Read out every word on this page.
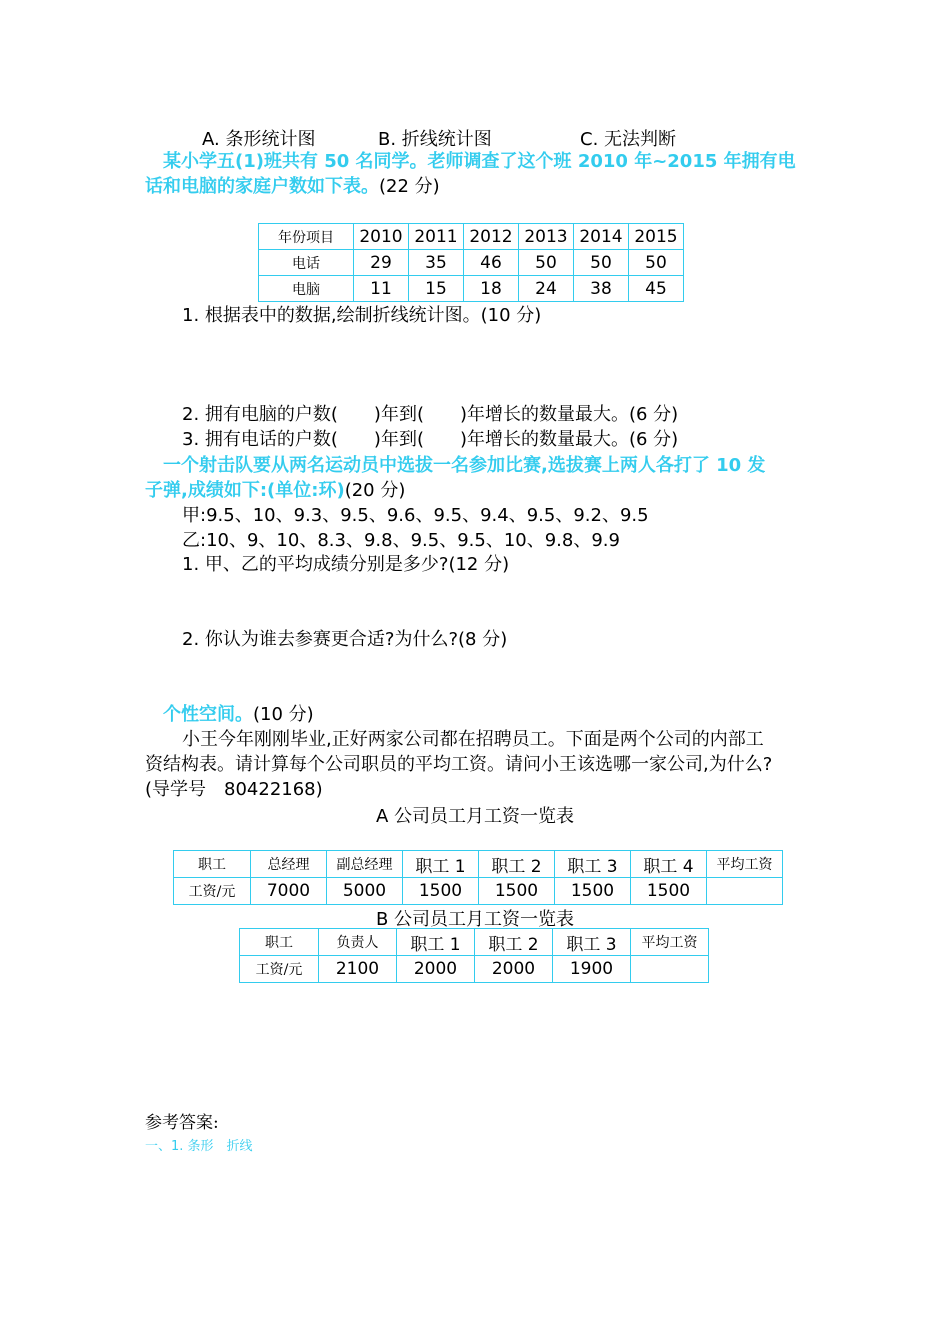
A. 条形统计图	B. 折线统计图	C. 无法判断
某小学五(1)班共有 50 名同学。老师调查了这个班 2010 年~2015 年拥有电
话和电脑的家庭户数如下表。(22 分)
年份项目	2010	2011	2012	2013	2014	2015
电话	29	35	46	50	50	50
电脑	11	15	18	24	38	45
1. 根据表中的数据,绘制折线统计图。(10 分)
2. 拥有电脑的户数(　　)年到(　　)年增长的数量最大。(6 分)
3. 拥有电话的户数(　　)年到(　　)年增长的数量最大。(6 分)
一个射击队要从两名运动员中选拔一名参加比赛,选拔赛上两人各打了 10 发
子弹,成绩如下:(单位:环)(20 分)
甲:9.5、10、9.3、9.5、9.6、9.5、9.4、9.5、9.2、9.5
乙:10、9、10、8.3、9.8、9.5、9.5、10、9.8、9.9
1. 甲、乙的平均成绩分别是多少?(12 分)
2. 你认为谁去参赛更合适?为什么?(8 分)
个性空间。(10 分)
小王今年刚刚毕业,正好两家公司都在招聘员工。下面是两个公司的内部工
资结构表。请计算每个公司职员的平均工资。请问小王该选哪一家公司,为什么?
(导学号　80422168)
A 公司员工月工资一览表
职工	总经理	副总经理	职工 1	职工 2	职工 3	职工 4	平均工资
工资/元	7000	5000	1500	1500	1500	1500	
B 公司员工月工资一览表
职工	负责人	职工 1	职工 2	职工 3	平均工资
工资/元	2100	2000	2000	1900	
参考答案:
一、1. 条形　折线
